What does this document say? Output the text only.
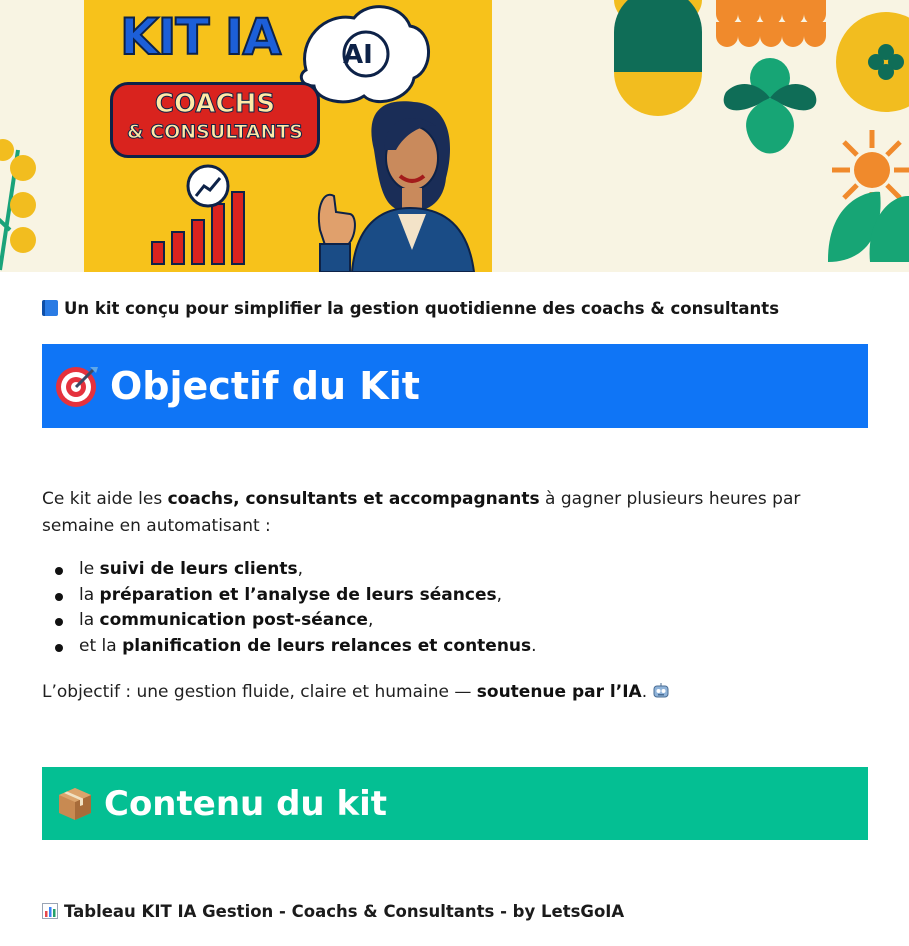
KIT IA
COACHS
& CONSULTANTS
AI
Un kit conçu pour simplifier la gestion quotidienne des coachs & consultants
Objectif du Kit
Ce kit aide les coachs, consultants et accompagnants à gagner plusieurs heures par semaine en automatisant :
le suivi de leurs clients,
la préparation et l’analyse de leurs séances,
la communication post-séance,
et la planification de leurs relances et contenus.
L’objectif : une gestion fluide, claire et humaine — soutenue par l’IA.
Contenu du kit
Tableau KIT IA Gestion - Coachs & Consultants - by LetsGoIA
